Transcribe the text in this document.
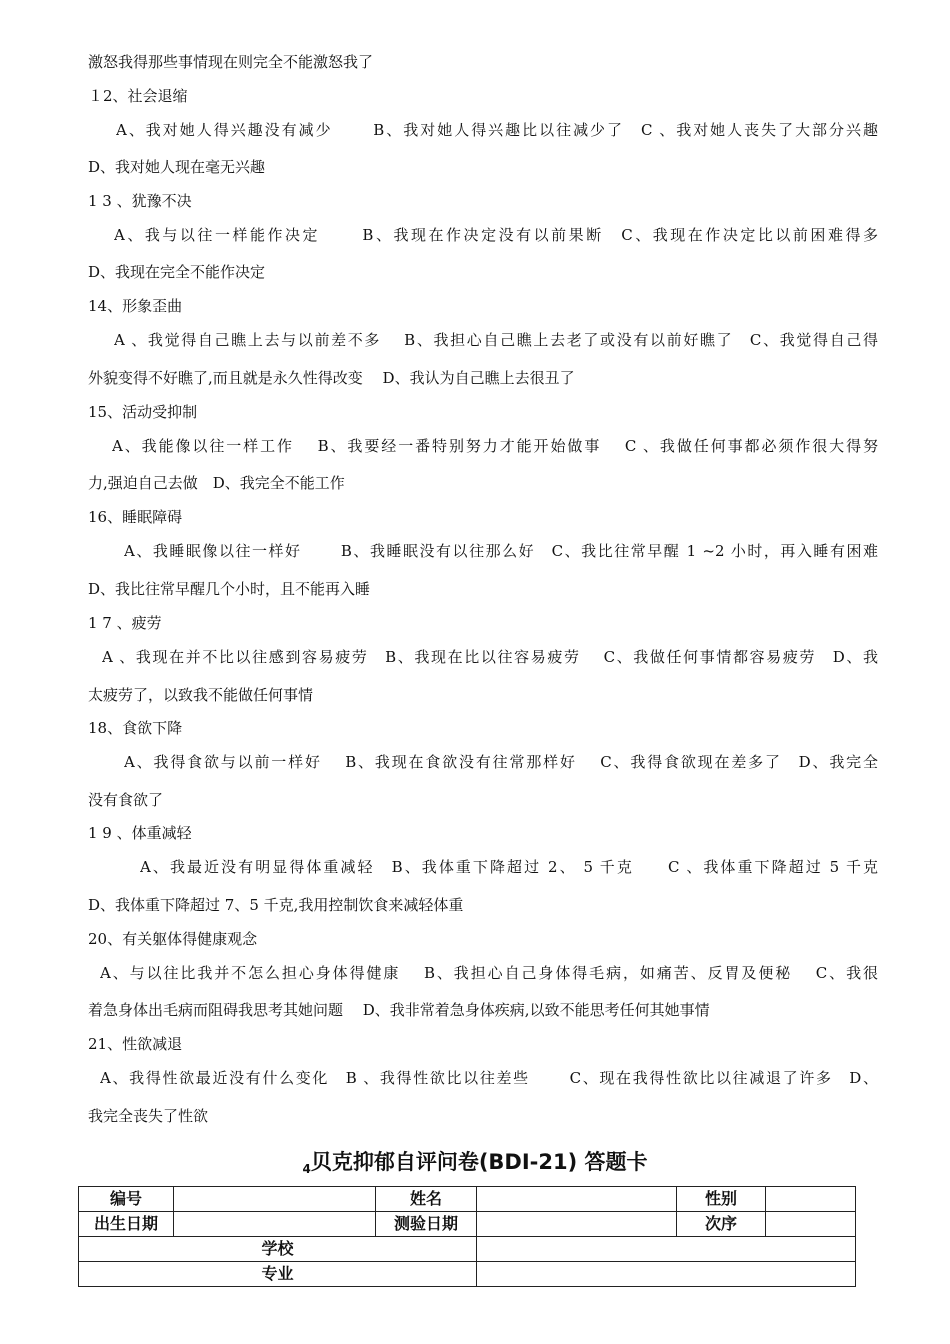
激怒我得那些事情现在则完全不能激怒我了
１2、社会退缩
A、我对她人得兴趣没有减少　　 B、我对她人得兴趣比以往减少了　C 、我对她人丧失了大部分兴趣
D、我对她人现在毫无兴趣
1 3 、犹豫不决
A、我与以往一样能作决定　　 B、我现在作决定没有以前果断　C、我现在作决定比以前困难得多
D、我现在完全不能作决定
14、形象歪曲
A 、我觉得自己瞧上去与以前差不多　 B、我担心自己瞧上去老了或没有以前好瞧了　C、我觉得自己得
外貌变得不好瞧了,而且就是永久性得改变　 D、我认为自己瞧上去很丑了
15、活动受抑制
A、我能像以往一样工作　 B、我要经一番特别努力才能开始做事　 C 、我做任何事都必须作很大得努
力,强迫自己去做　D、我完全不能工作
16、睡眠障碍
A、我睡眠像以往一样好　　 B、我睡眠没有以往那么好　C、我比往常早醒 1 ~2 小时，再入睡有困难
D、我比往常早醒几个小时，且不能再入睡
1 7 、疲劳
A 、我现在并不比以往感到容易疲劳　B、我现在比以往容易疲劳　 C、我做任何事情都容易疲劳　D、我
太疲劳了，以致我不能做任何事情
18、食欲下降
A、我得食欲与以前一样好　 B、我现在食欲没有往常那样好　 C、我得食欲现在差多了　D、我完全
没有食欲了
1 9 、体重减轻
A、我最近没有明显得体重减轻　B、我体重下降超过 2、 5 千克　　C 、我体重下降超过 5 千克
D、我体重下降超过 7、5 千克,我用控制饮食来减轻体重
20、有关躯体得健康观念
A、与以往比我并不怎么担心身体得健康　 B、我担心自己身体得毛病，如痛苦、反胃及便秘　 C、我很
着急身体出毛病而阻碍我思考其她问题　 D、我非常着急身体疾病,以致不能思考任何其她事情
21、性欲减退
A、我得性欲最近没有什么变化　B 、我得性欲比以往差些　　 C、现在我得性欲比以往减退了许多　D、
我完全丧失了性欲
4贝克抑郁自评问卷(BDI-21) 答题卡
编号		姓名		性别	
出生日期		测验日期		次序	
学校					
专业					
